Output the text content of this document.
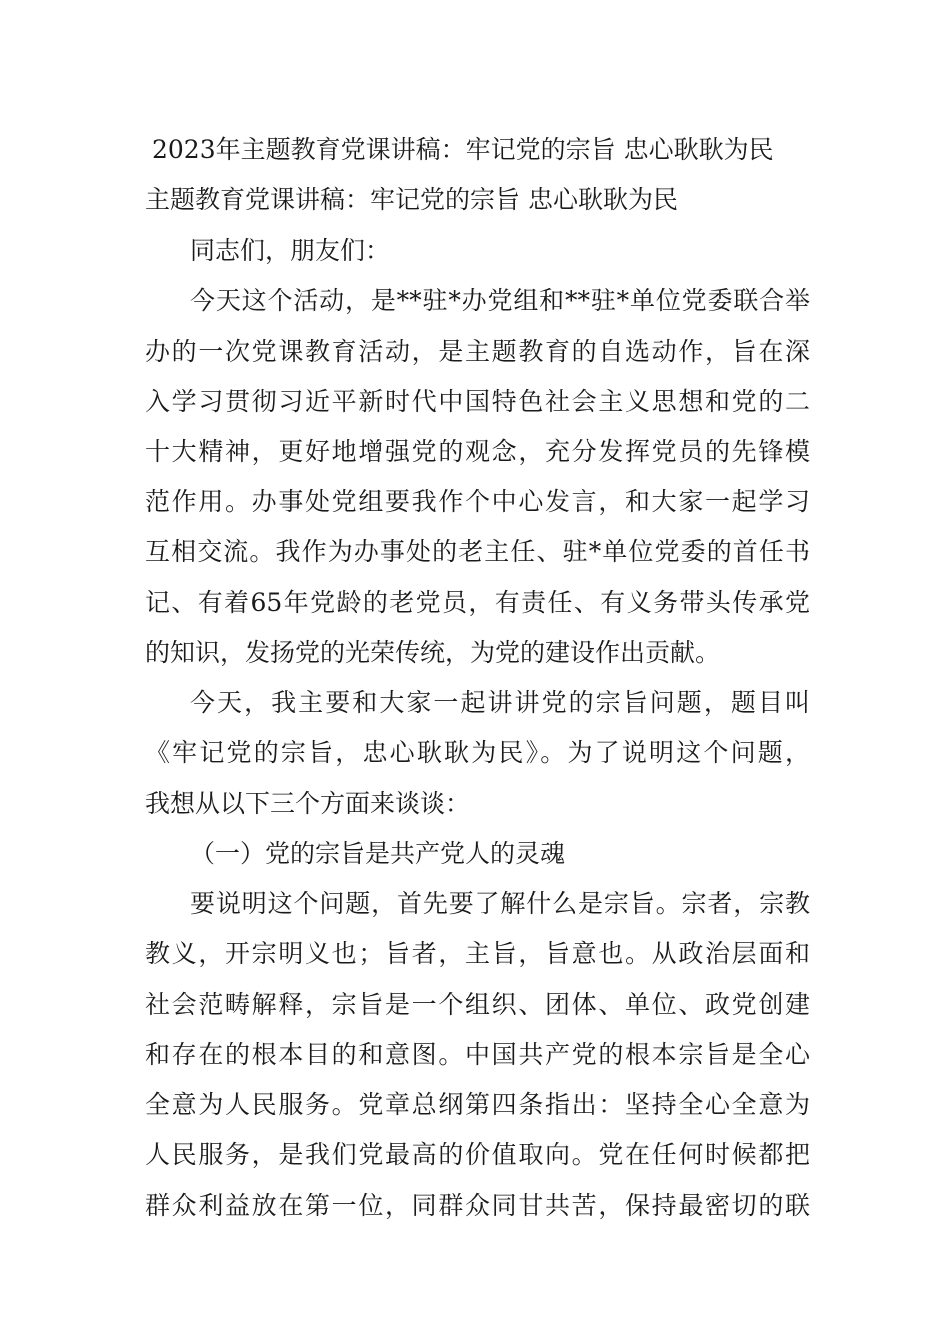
2023年主题教育党课讲稿：牢记党的宗旨 忠心耿耿为民
主题教育党课讲稿：牢记党的宗旨 忠心耿耿为民
同志们，朋友们：
今天这个活动，是**驻*办党组和**驻*单位党委联合举
办的一次党课教育活动，是主题教育的自选动作，旨在深
入学习贯彻习近平新时代中国特色社会主义思想和党的二
十大精神，更好地增强党的观念，充分发挥党员的先锋模
范作用。办事处党组要我作个中心发言，和大家一起学习
互相交流。我作为办事处的老主任、驻*单位党委的首任书
记、有着65年党龄的老党员，有责任、有义务带头传承党
的知识，发扬党的光荣传统，为党的建设作出贡献。
今天，我主要和大家一起讲讲党的宗旨问题，题目叫
《牢记党的宗旨，忠心耿耿为民》。为了说明这个问题，
我想从以下三个方面来谈谈：
（一）党的宗旨是共产党人的灵魂
要说明这个问题，首先要了解什么是宗旨。宗者，宗教
教义，开宗明义也；旨者，主旨，旨意也。从政治层面和
社会范畴解释，宗旨是一个组织、团体、单位、政党创建
和存在的根本目的和意图。中国共产党的根本宗旨是全心
全意为人民服务。党章总纲第四条指出：坚持全心全意为
人民服务，是我们党最高的价值取向。党在任何时候都把
群众利益放在第一位，同群众同甘共苦，保持最密切的联
